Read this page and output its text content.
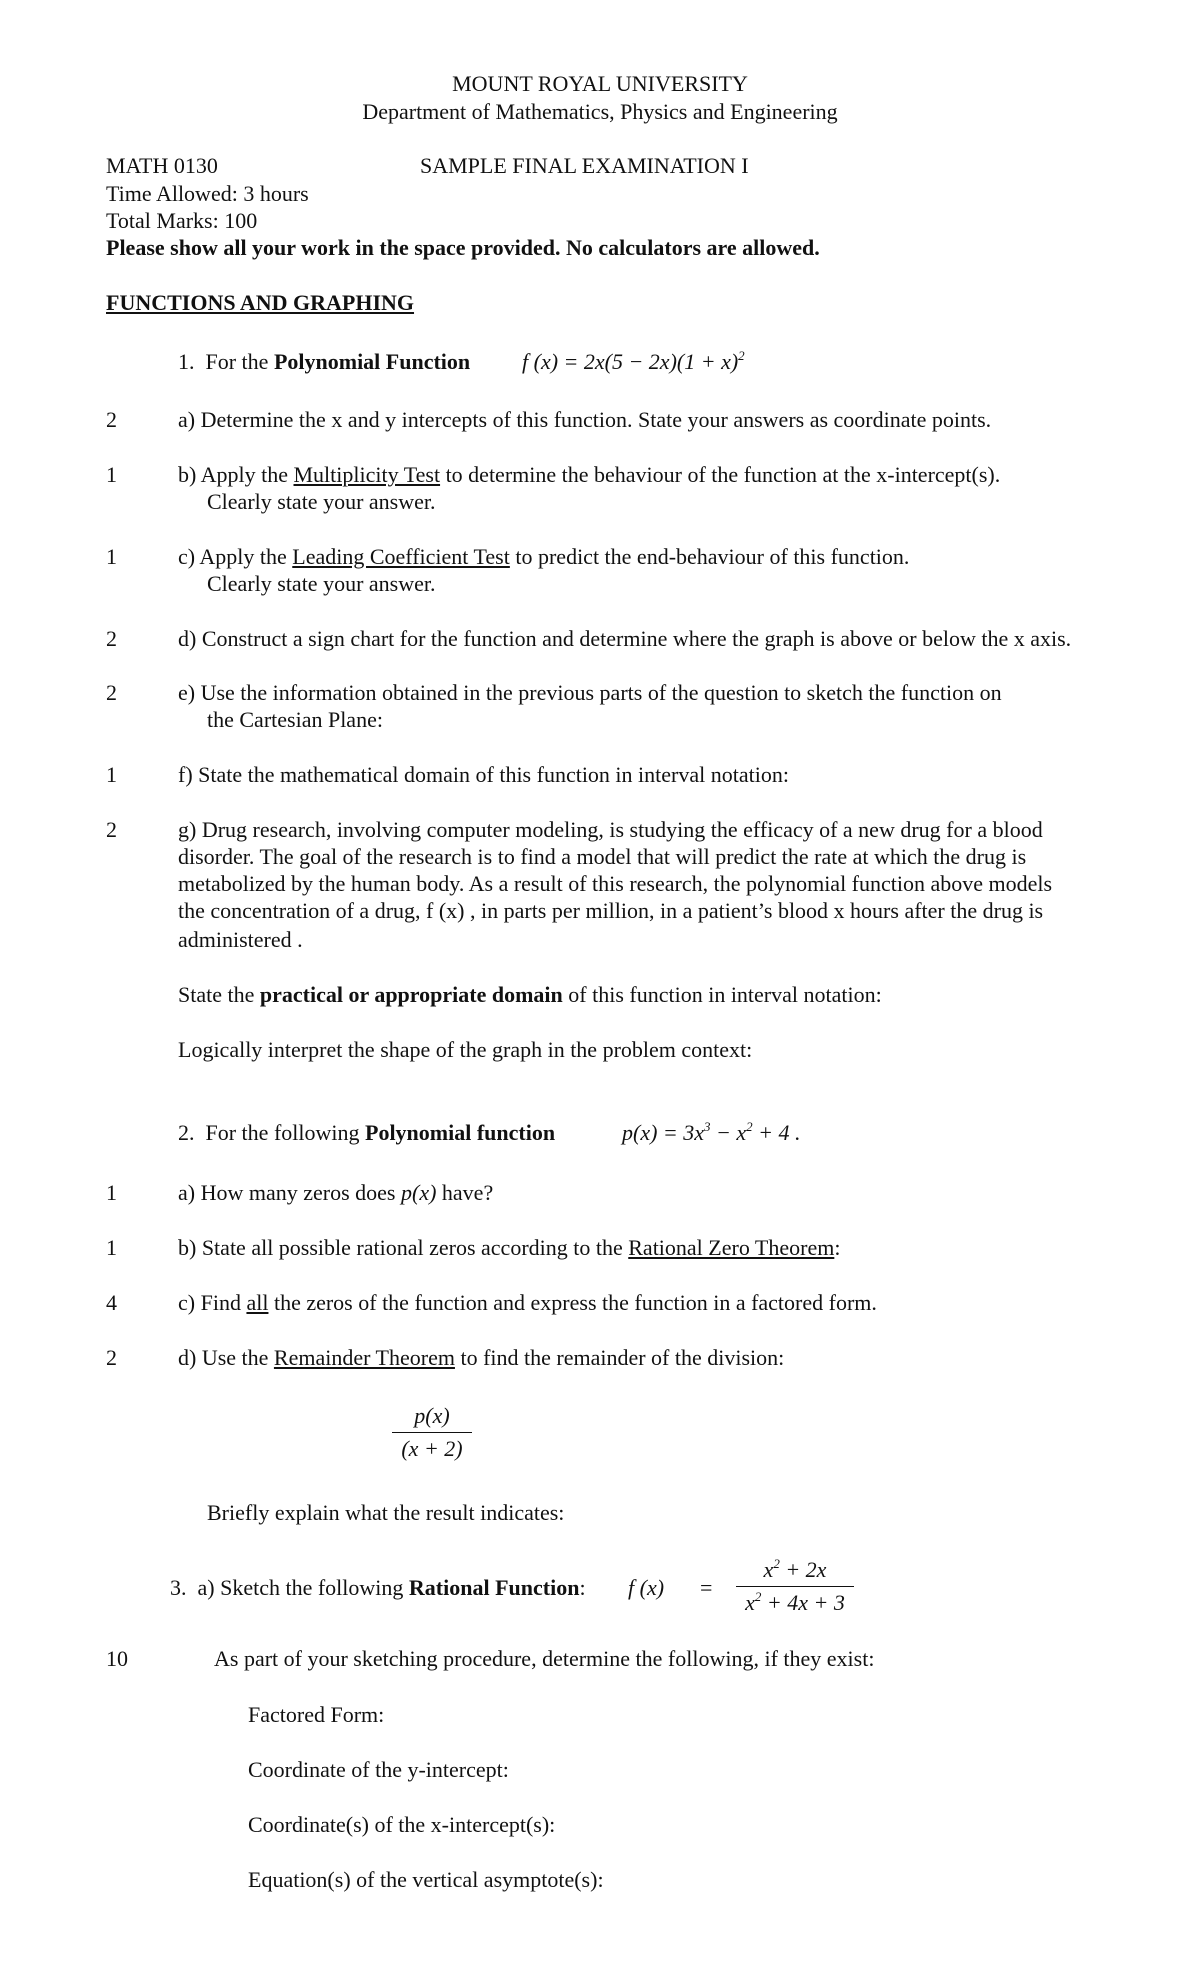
MOUNT ROYAL UNIVERSITY
Department of Mathematics, Physics and Engineering
MATH 0130	SAMPLE FINAL EXAMINATION I
Time Allowed: 3 hours
Total Marks: 100
Please show all your work in the space provided. No calculators are allowed.
FUNCTIONS AND GRAPHING
1. For the Polynomial Function f $(x) = 2x(5 - 2x)(1 + x)^2$
2	a) Determine the x and y intercepts of this function. State your answers as coordinate points.
1	b) Apply the Multiplicity Test to determine the behaviour of the function at the x-intercept(s).
Clearly state your answer.
1	c) Apply the Leading Coefficient Test to predict the end-behaviour of this function.
Clearly state your answer.
2	d) Construct a sign chart for the function and determine where the graph is above or below the x axis.
2	e) Use the information obtained in the previous parts of the question to sketch the function on
the Cartesian Plane:
1	f) State the mathematical domain of this function in interval notation:
2	g) Drug research, involving computer modeling, is studying the efficacy of a new drug for a blood
disorder. The goal of the research is to find a model that will predict the rate at which the drug is
metabolized by the human body. As a result of this research, the polynomial function above models
the concentration of a drug, f (x) , in parts per million, in a patient’s blood x hours after the drug is
administered .
State the practical or appropriate domain of this function in interval notation:
Logically interpret the shape of the graph in the problem context:
2. For the following Polynomial function	$p(x) = 3x^3 - x^2 + 4$ .
1	a) How many zeros does p(x) have?
1	b) State all possible rational zeros according to the Rational Zero Theorem:
4	c) Find all the zeros of the function and express the function in a factored form.
2	d) Use the Remainder Theorem to find the remainder of the division:
$\frac{p(x)}{(x + 2)}$
Briefly explain what the result indicates:
3. a) Sketch the following Rational Function: f $(x) = \frac{x^2 + 2x}{x^2 + 4x + 3}$
10	As part of your sketching procedure, determine the following, if they exist:
Factored Form:
Coordinate of the y-intercept:
Coordinate(s) of the x-intercept(s):
Equation(s) of the vertical asymptote(s):
